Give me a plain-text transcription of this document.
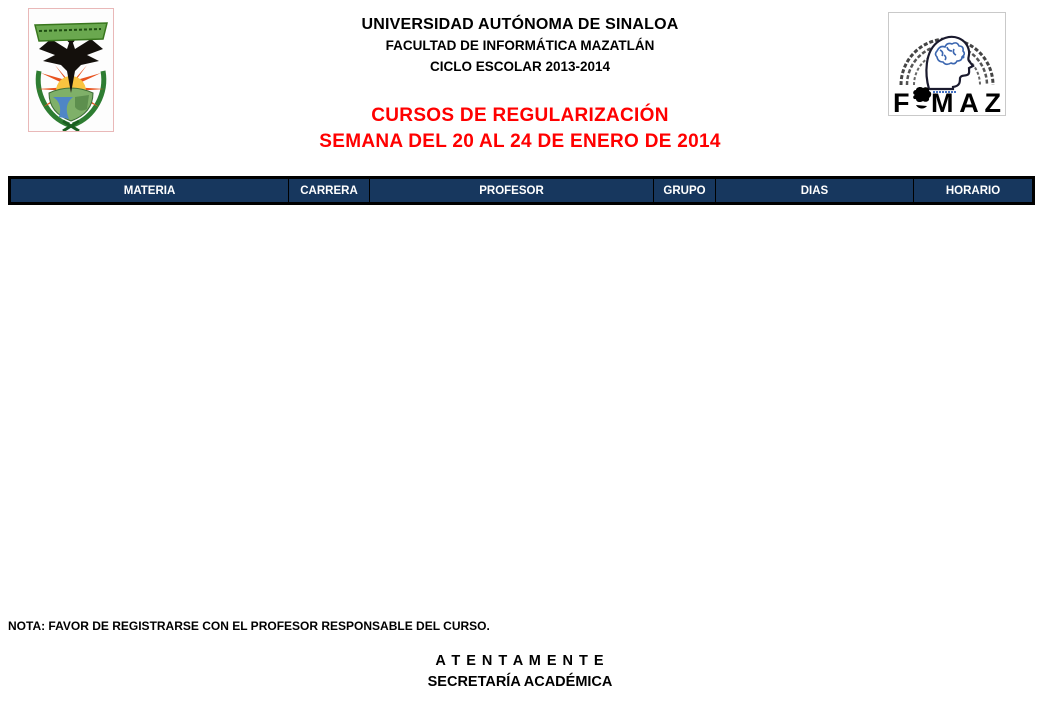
F MAZ
UNIVERSIDAD AUTÓNOMA DE SINALOA
FACULTAD DE INFORMÁTICA MAZATLÁN
CICLO ESCOLAR 2013-2014
CURSOS DE REGULARIZACIÓN
SEMANA DEL 20 AL 24 DE ENERO DE 2014
MATERIA	CARRERA	PROFESOR	GRUPO	DIAS	HORARIO
NOTA: FAVOR DE REGISTRARSE CON EL PROFESOR RESPONSABLE DEL CURSO.
A T E N T A M E N T E
SECRETARÍA ACADÉMICA
